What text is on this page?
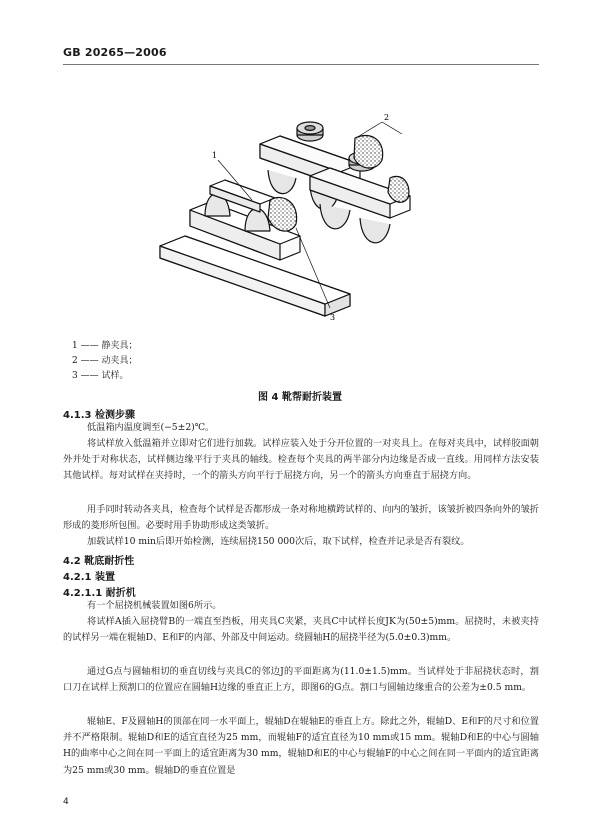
GB 20265—2006
1
2
3
1 —— 静夹具；
2 —— 动夹具；
3 —— 试样。
图 4 靴帮耐折装置
4.1.3 检测步骤

低温箱内温度调至(−5±2)℃。

将试样放入低温箱并立即对它们进行加载。试样应装入处于分开位置的一对夹具上。在每对夹具中，试样胶面朝外并处于对称状态，试样侧边缘平行于夹具的轴线。检查每个夹具的两半部分内边缘是否成一直线。用同样方法安装其他试样。每对试样在夹持时，一个的箭头方向平行于屈挠方向，另一个的箭头方向垂直于屈挠方向。

用手同时转动各夹具，检查每个试样是否都形成一条对称地横跨试样的、向内的皱折，该皱折被四条向外的皱折形成的菱形所包围。必要时用手协助形成这类皱折。

加载试样10 min后即开始检测，连续屈挠150 000次后，取下试样，检查并记录是否有裂纹。

4.2 靴底耐折性
4.2.1 装置
4.2.1.1 耐折机

有一个屈挠机械装置如图6所示。

将试样A插入屈挠臂B的一端直至挡板，用夹具C夹紧，夹具C中试样长度JK为(50±5)mm。屈挠时，未被夹持的试样另一端在辊轴D、E和F的内部、外部及中间运动。绕圆轴H的屈挠半径为(5.0±0.3)mm。

通过G点与圆轴相切的垂直切线与夹具C的邻边J的平面距离为(11.0±1.5)mm。当试样处于非屈挠状态时，割口刀在试样上预割口的位置应在圆轴H边缘的垂直正上方，即图6的G点。割口与圆轴边缘重合的公差为±0.5 mm。

辊轴E、F及圆轴H的顶部在同一水平面上，辊轴D在辊轴E的垂直上方。除此之外，辊轴D、E和F的尺寸和位置并不严格限制。辊轴D和E的适宜直径为25 mm，而辊轴F的适宜直径为10 mm或15 mm。辊轴D和E的中心与圆轴H的曲率中心之间在同一平面上的适宜距离为30 mm，辊轴D和E的中心与辊轴F的中心之间在同一平面内的适宜距离为25 mm或30 mm。辊轴D的垂直位置是

4
